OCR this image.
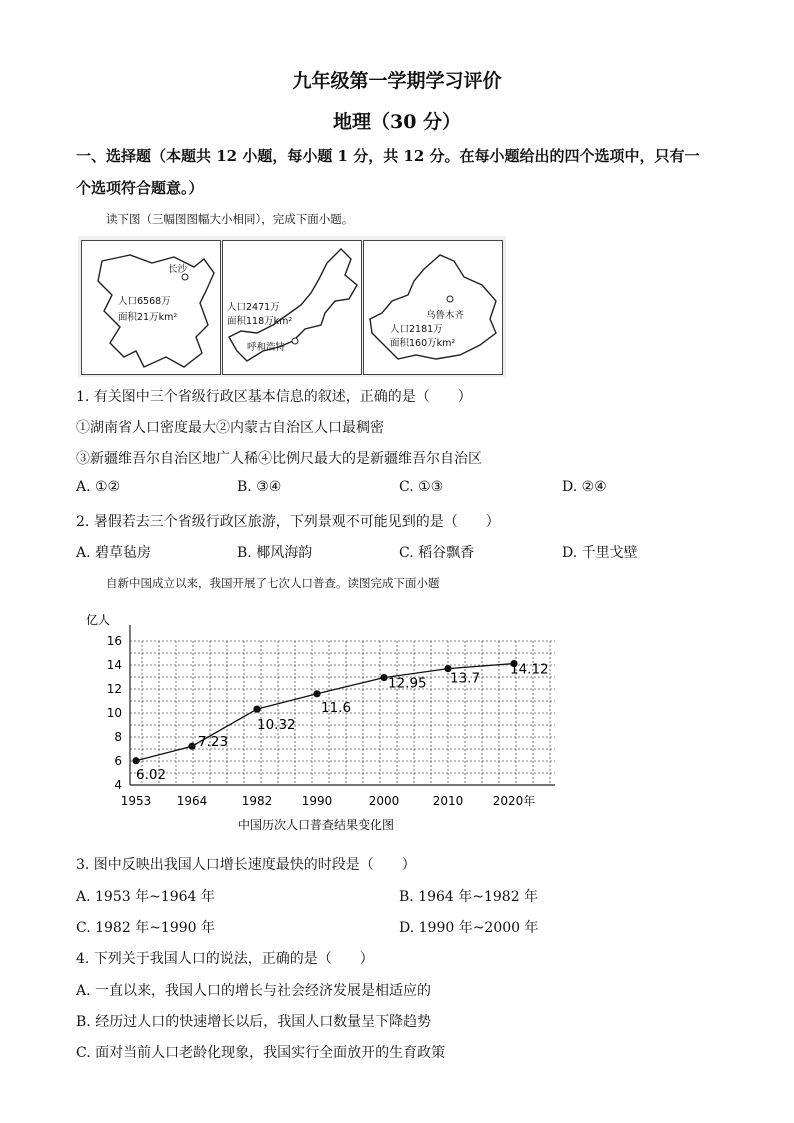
九年级第一学期学习评价
地理（30 分）
一、选择题（本题共 12 小题，每小题 1 分，共 12 分。在每小题给出的四个选项中，只有一
个选项符合题意。）
读下图（三幅图图幅大小相同），完成下面小题。
长沙
人口6568万
面积21万km²
人口2471万
面积118万km²
呼和浩特
乌鲁木齐
人口2181万
面积160万km²
1. 有关图中三个省级行政区基本信息的叙述，正确的是（　　）
①湖南省人口密度最大②内蒙古自治区人口最稠密
③新疆维吾尔自治区地广人稀④比例尺最大的是新疆维吾尔自治区
A. ①②	B. ③④	C. ①③	D. ②④
2. 暑假若去三个省级行政区旅游，下列景观不可能见到的是（　　）
A. 碧草毡房	B. 椰风海韵	C. 稻谷飘香	D. 千里戈壁
自新中国成立以来，我国开展了七次人口普查。读图完成下面小题
亿人
4
6
8
10
12
14
16
1953 1964	1982 1990	2000	2010 2020年
6.02
7.23
10.32
11.6
12.95 13.7
14.12
中国历次人口普查结果变化图
3. 图中反映出我国人口增长速度最快的时段是（　　）
A. 1953 年~1964 年	B. 1964 年~1982 年
C. 1982 年~1990 年	D. 1990 年~2000 年
4. 下列关于我国人口的说法，正确的是（　　）
A. 一直以来，我国人口的增长与社会经济发展是相适应的
B. 经历过人口的快速增长以后，我国人口数量呈下降趋势
C. 面对当前人口老龄化现象，我国实行全面放开的生育政策
